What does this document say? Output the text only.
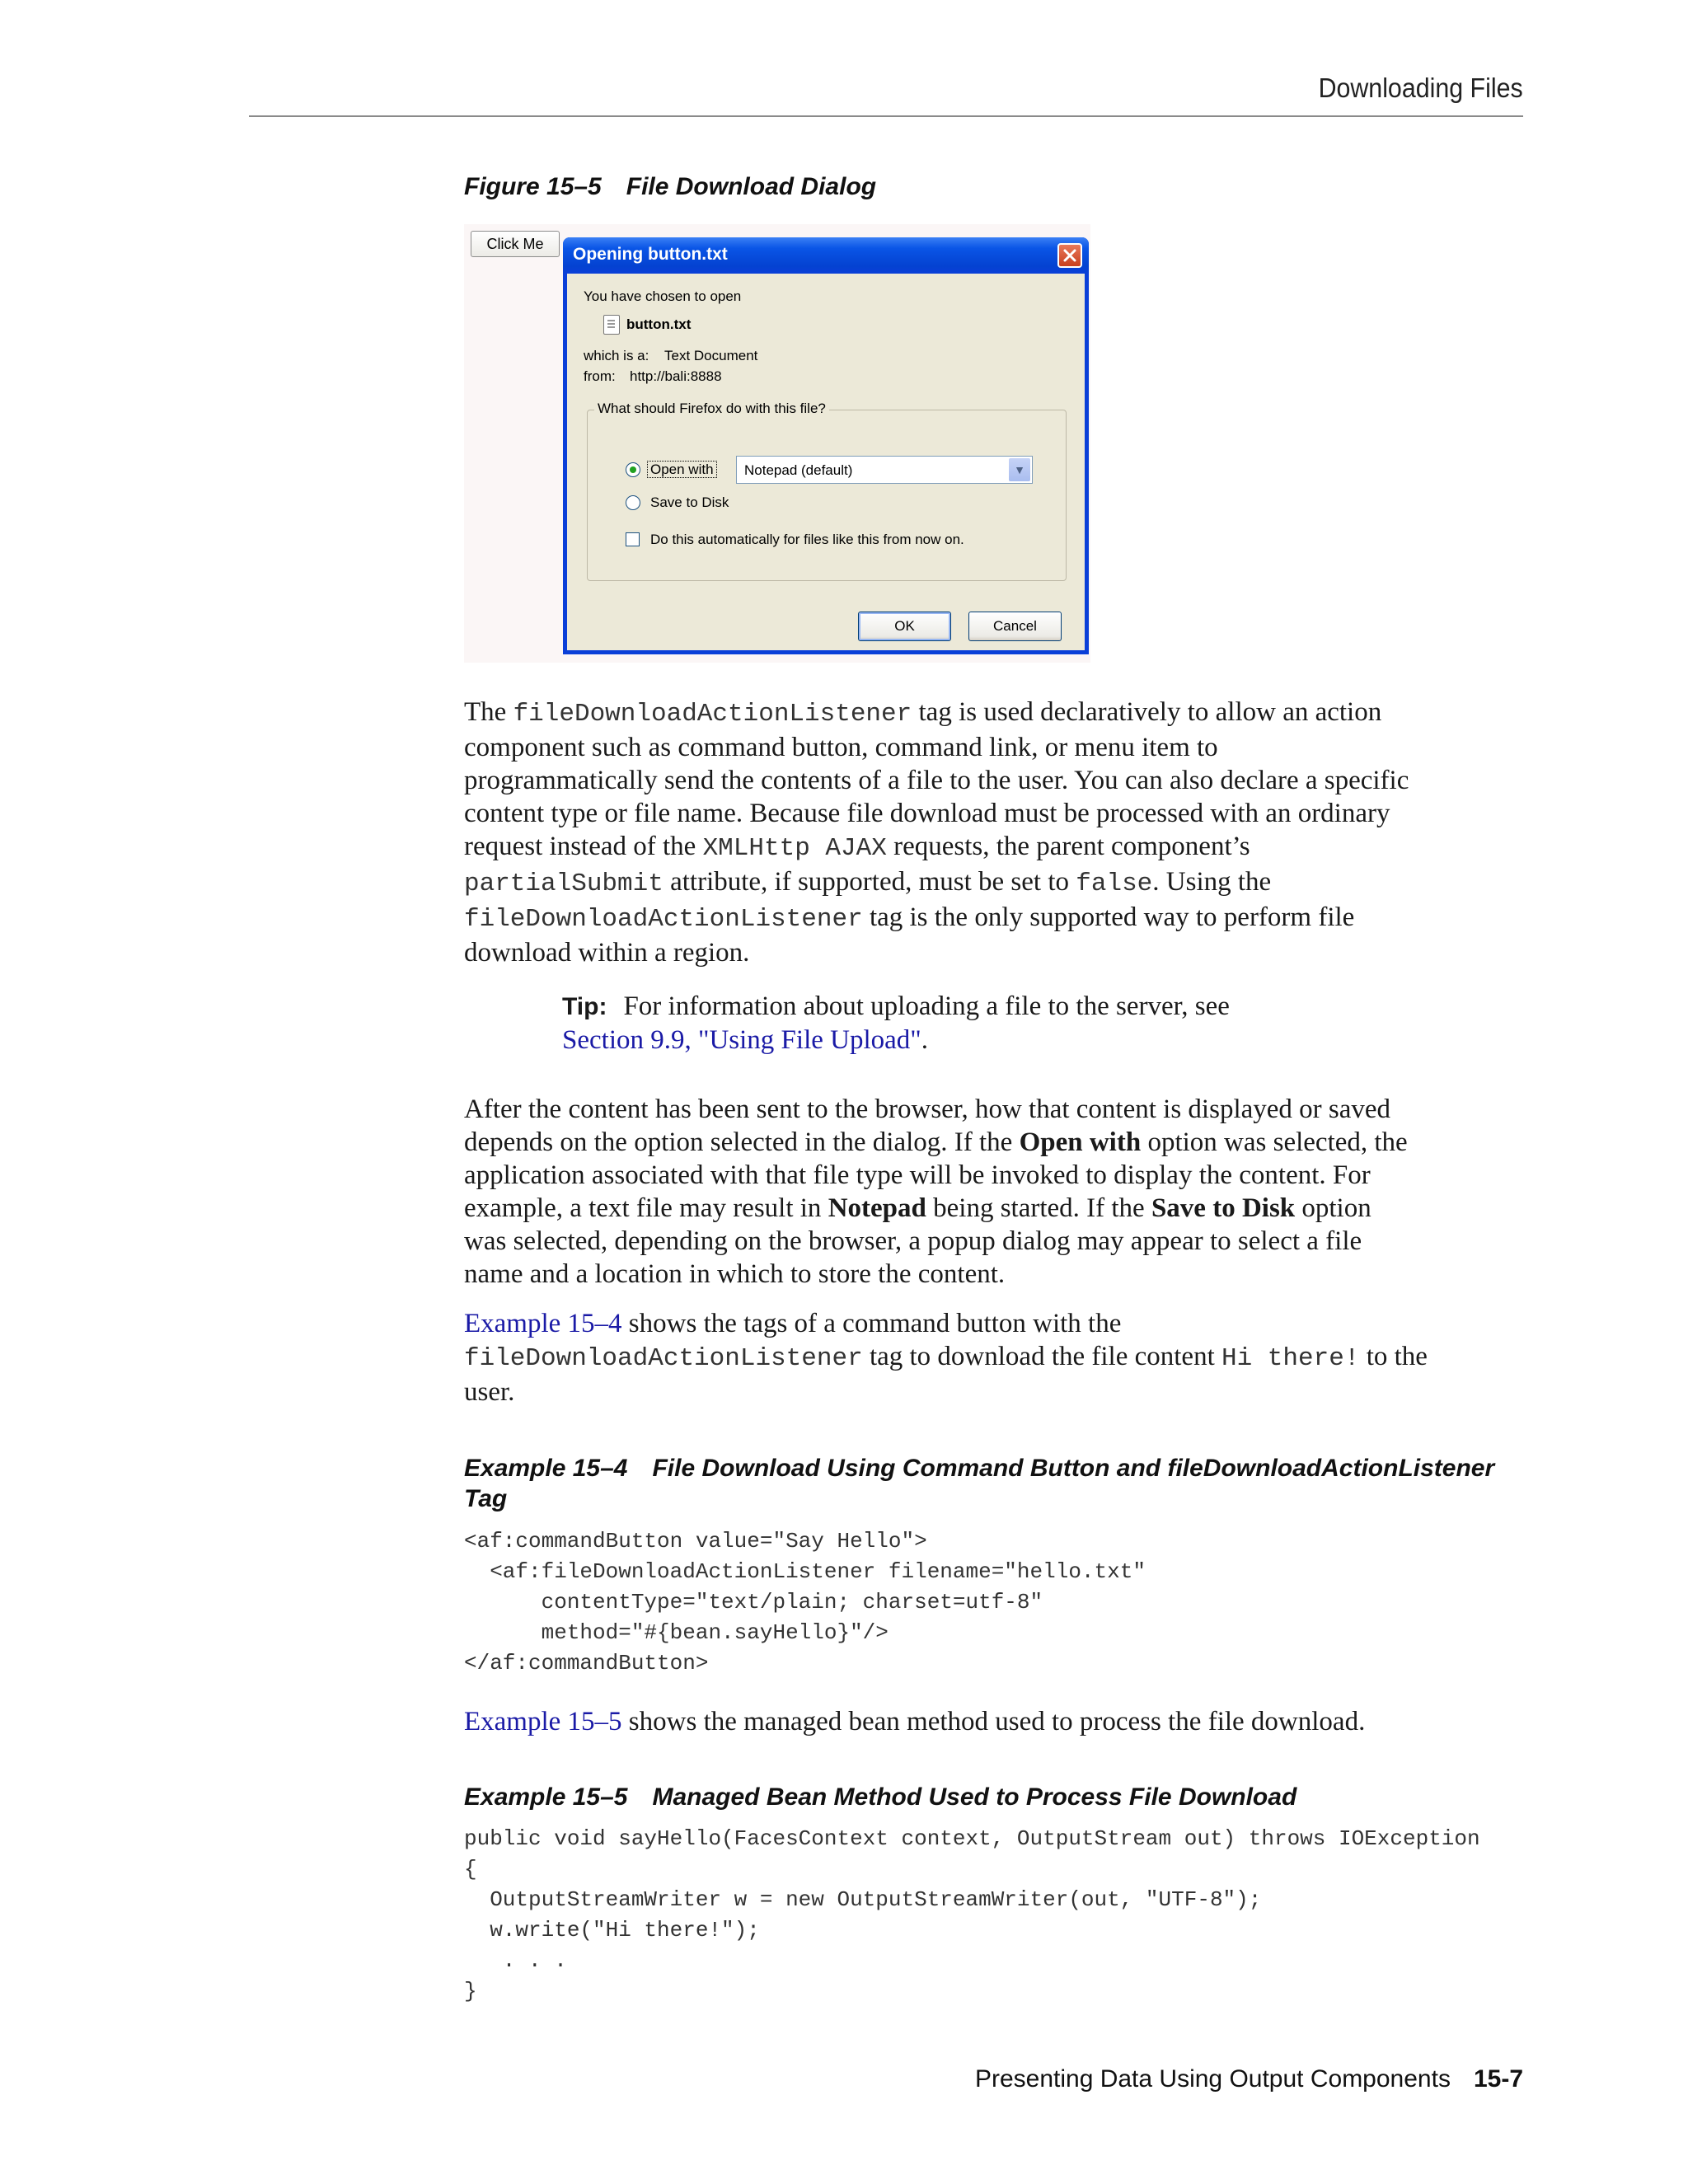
Downloading Files
Figure 15–5 File Download Dialog
Click Me
Opening button.txt
You have chosen to open
button.txt
which is a: Text Document
from: http://bali:8888
What should Firefox do with this file?
Open with Notepad (default)	▼
Save to Disk
Do this automatically for files like this from now on.
OK	Cancel
The fileDownloadActionListener tag is used declaratively to allow an action
component such as command button, command link, or menu item to
programmatically send the contents of a file to the user. You can also declare a specific
content type or file name. Because file download must be processed with an ordinary
request instead of the XMLHttp AJAX requests, the parent component’s
partialSubmit attribute, if supported, must be set to false. Using the
fileDownloadActionListener tag is the only supported way to perform file
download within a region.
Tip: For information about uploading a file to the server, see
Section 9.9, "Using File Upload".
After the content has been sent to the browser, how that content is displayed or saved
depends on the option selected in the dialog. If the Open with option was selected, the
application associated with that file type will be invoked to display the content. For
example, a text file may result in Notepad being started. If the Save to Disk option
was selected, depending on the browser, a popup dialog may appear to select a file
name and a location in which to store the content.
Example 15–4 shows the tags of a command button with the
fileDownloadActionListener tag to download the file content Hi there! to the
user.
Example 15–4 File Download Using Command Button and fileDownloadActionListener
Tag
<af:commandButton value="Say Hello">
<af:fileDownloadActionListener filename="hello.txt"
contentType="text/plain; charset=utf-8"
method="#{bean.sayHello}"/>
</af:commandButton>
Example 15–5 shows the managed bean method used to process the file download.
Example 15–5 Managed Bean Method Used to Process File Download
public void sayHello(FacesContext context, OutputStream out) throws IOException
{
OutputStreamWriter w = new OutputStreamWriter(out, "UTF-8");
w.write("Hi there!");
. . .
}
Presenting Data Using Output Components 15-7
